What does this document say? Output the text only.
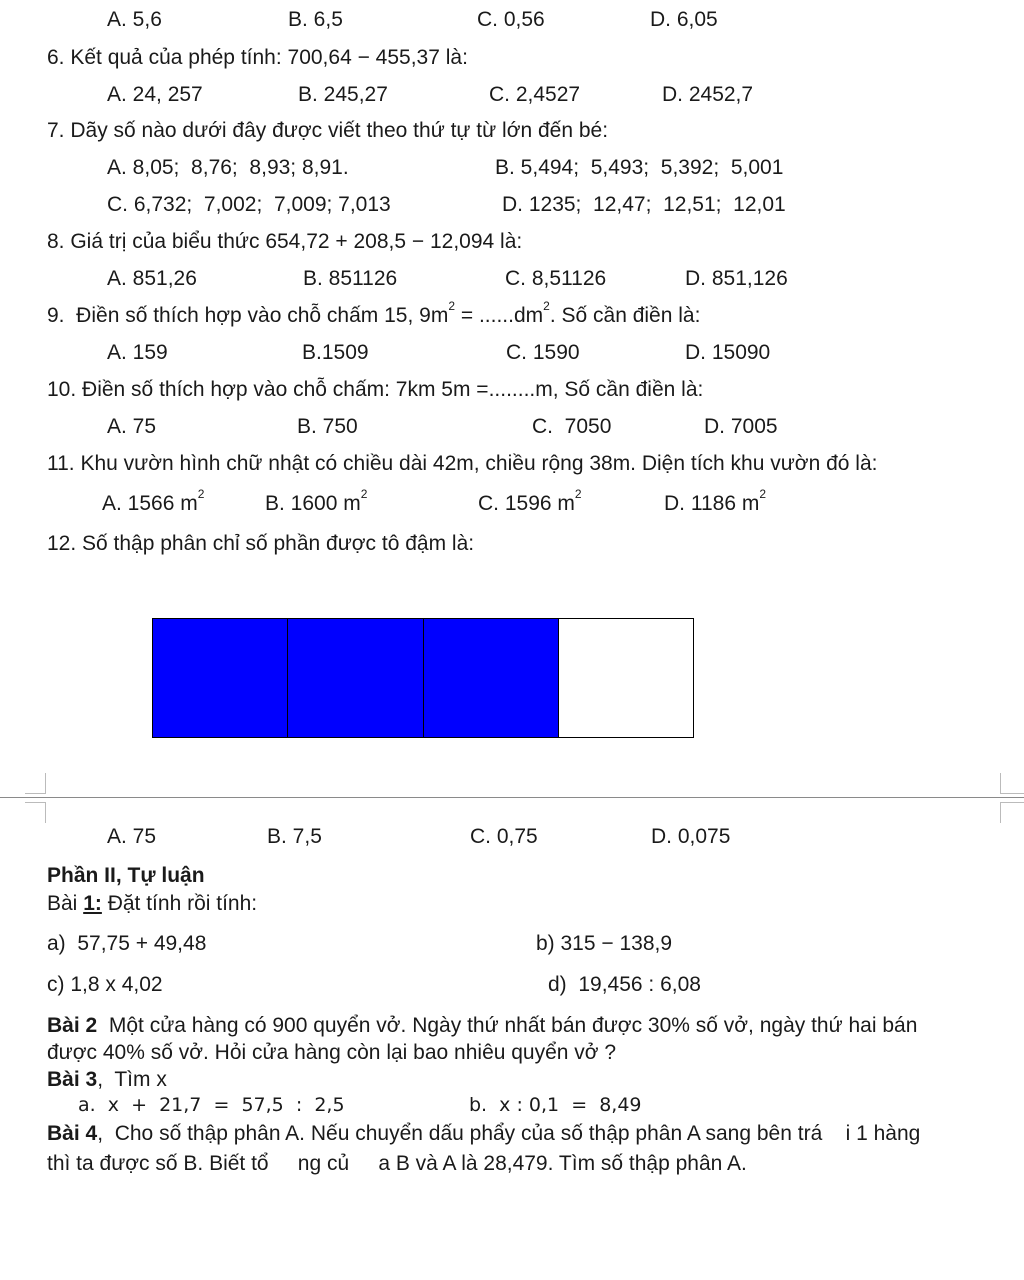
A. 5,6	B. 6,5	C. 0,56	D. 6,05
6. Kết quả của phép tính: 700,64 − 455,37 là:
A. 24, 257	B. 245,27	C. 2,4527	D. 2452,7
7. Dãy số nào dưới đây được viết theo thứ tự từ lớn đến bé:
A. 8,05;  8,76;  8,93; 8,91.	B. 5,494;  5,493;  5,392;  5,001
C. 6,732;  7,002;  7,009; 7,013	D. 1235;  12,47;  12,51;  12,01
8. Giá trị của biểu thức 654,72 + 208,5 − 12,094 là:
A. 851,26	B. 851126	C. 8,51126	D. 851,126
9.  Điền số thích hợp vào chỗ chấm 15, $9m^2 = ......dm^2$. Số cần điền là:
A. 159	B.1509	C. 1590	D. 15090
10. Điền số thích hợp vào chỗ chấm: 7km 5m =........m, Số cần điền là:
A. 75	B. 750	C.  7050	D. 7005
11. Khu vườn hình chữ nhật có chiều dài 42m, chiều rộng 38m. Diện tích khu vườn đó là:
A. 1566 $m^2$	B. 1600 $m^2$	C. 1596 $m^2$	D. 1186 $m^2$
12. Số thập phân chỉ số phần được tô đậm là:
A. 75	B. 7,5	C. 0,75	D. 0,075
Phần II, Tự luận
Bài 1: Đặt tính rồi tính:
a)  57,75 + 49,48	b) 315 − 138,9
c) 1,8 x 4,02	d)  19,456 : 6,08
Bài 2  Một cửa hàng có 900 quyển vở. Ngày thứ nhất bán được 30% số vở, ngày thứ hai bán
được 40% số vở. Hỏi cửa hàng còn lại bao nhiêu quyển vở ?
Bài 3,  Tìm x
a.  x  +  21,7  =  57,5  :  2,5	b.  x : 0,1  =  8,49
Bài 4,  Cho số thập phân A. Nếu chuyển dấu phẩy của số thập phân A sang bên trá    i 1 hàng
thì ta được số B. Biết tổ     ng củ     a B và A là 28,479. Tìm số thập phân A.
